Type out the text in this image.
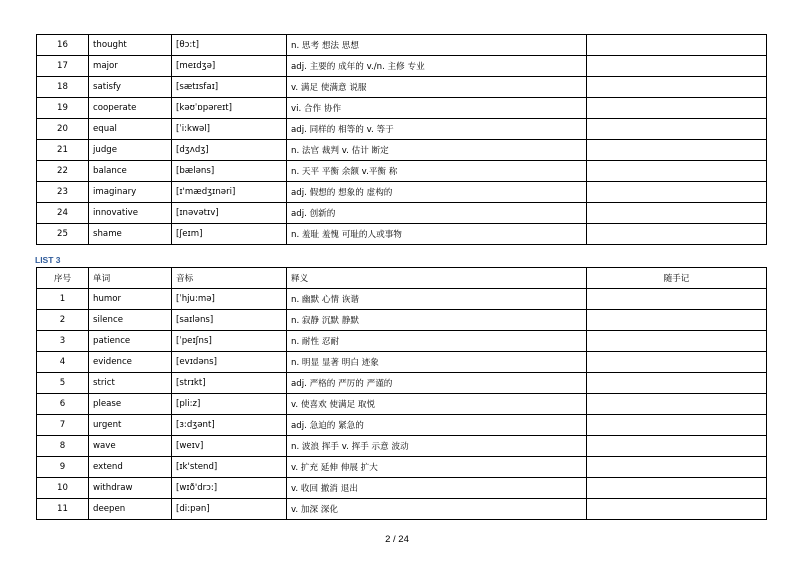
16	thought	[θɔ:t]	n. 思考 想法 思想	
17	major	[meɪdʒə]	adj. 主要的 成年的 v./n. 主修 专业	
18	satisfy	[sætɪsfaɪ]	v. 满足 使满意 说服	
19	cooperate	[kəʊˈɒpəreɪt]	vi. 合作 协作	
20	equal	[ˈi:kwəl]	adj. 同样的 相等的 v. 等于	
21	judge	[dʒʌdʒ]	n. 法官 裁判 v. 估计 断定	
22	balance	[bæləns]	n. 天平 平衡 余额 v.平衡 称	
23	imaginary	[ɪ'mædʒɪnəri]	adj. 假想的 想象的 虚构的	
24	innovative	[ɪnəvətɪv]	adj. 创新的	
25	shame	[ʃeɪm]	n. 羞耻 羞愧 可耻的人或事物	
LIST 3
序号	单词	音标	释义	随手记
1	humor	[ˈhju:mə]	n. 幽默 心情 诙谐	
2	silence	[saɪləns]	n. 寂静 沉默 静默	
3	patience	[ˈpeɪʃns]	n. 耐性 忍耐	
4	evidence	[evɪdəns]	n. 明显 显著 明白 迹象	
5	strict	[strɪkt]	adj. 严格的 严厉的 严谨的	
6	please	[pli:z]	v. 使喜欢 使满足 取悦	
7	urgent	[ɜ:dʒənt]	adj. 急迫的 紧急的	
8	wave	[weɪv]	n. 波浪 挥手 v. 挥手 示意 波动	
9	extend	[ɪk'stend]	v. 扩充 延伸 伸展 扩大	
10	withdraw	[wɪð'drɔ:]	v. 收回 撤消 退出	
11	deepen	[di:pən]	v. 加深 深化	
2 / 24
